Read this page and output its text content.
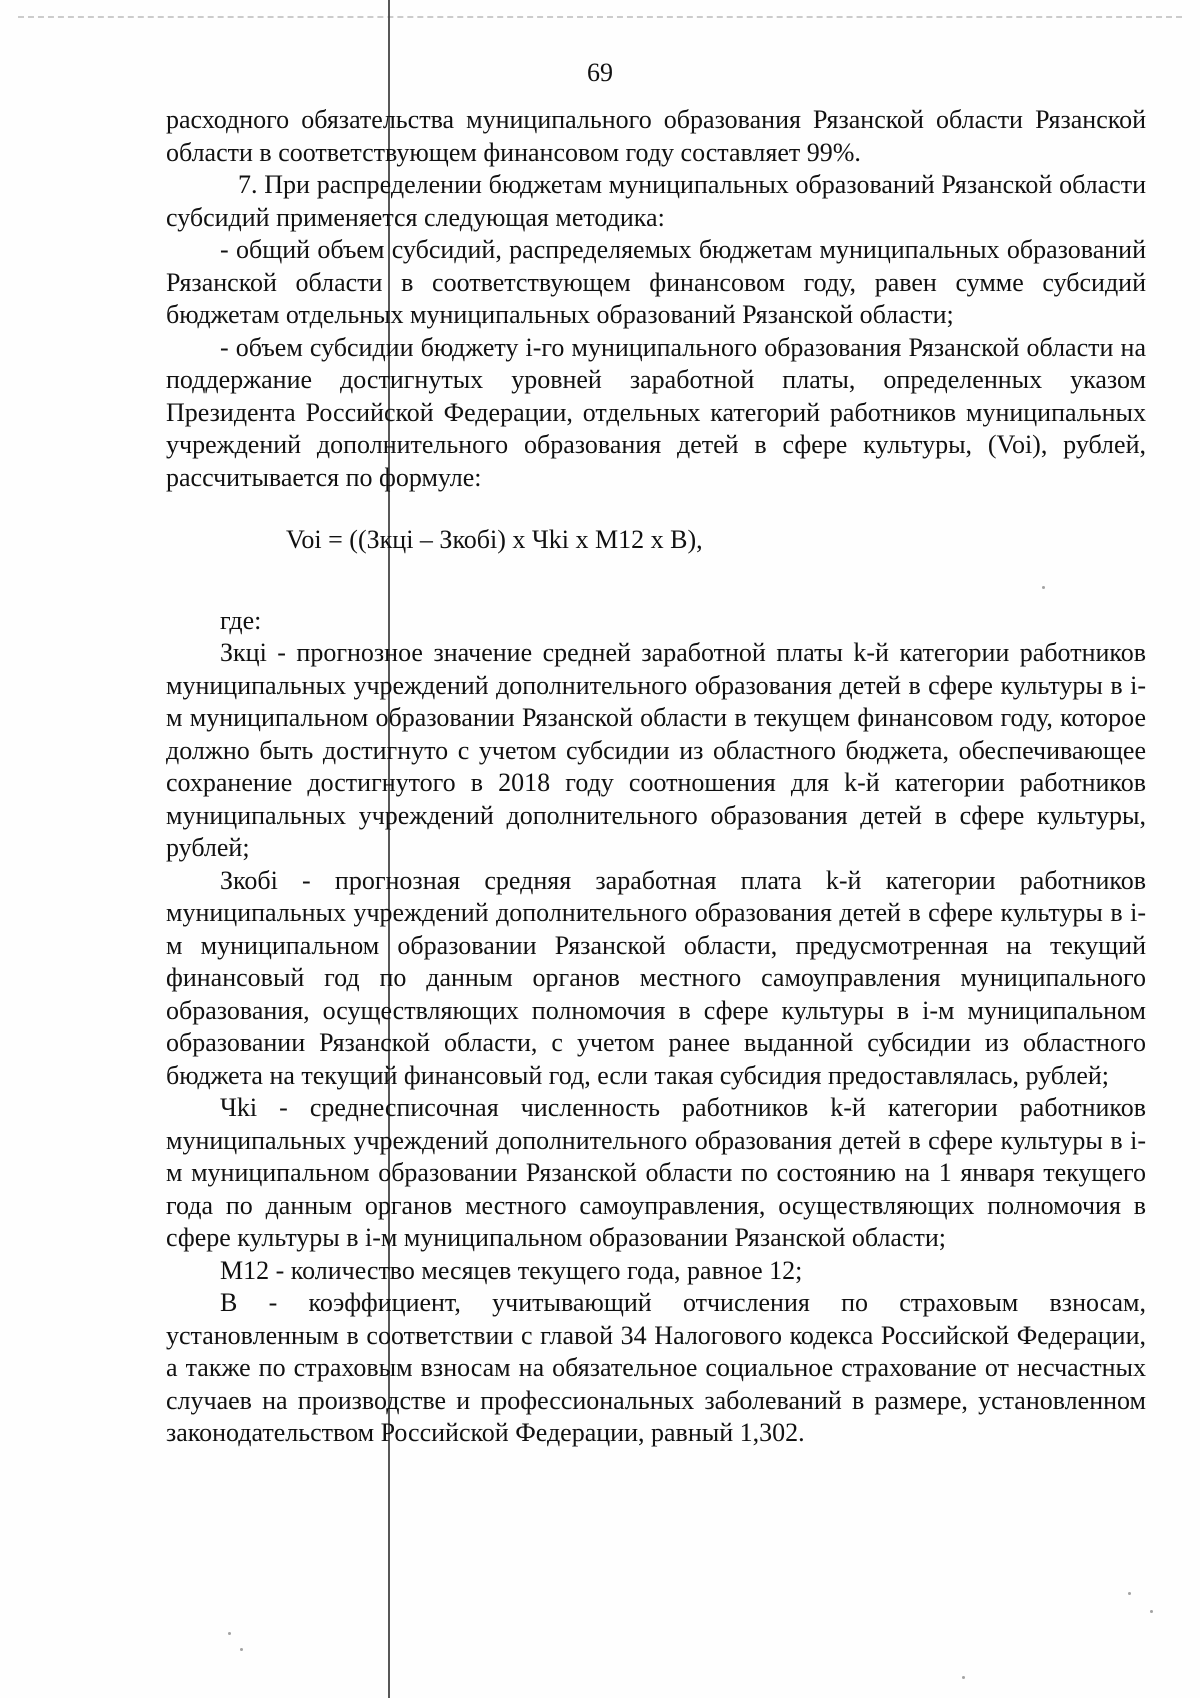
69

расходного обязательства муниципального образования Рязанской области Рязанской области в соответствующем финансовом году составляет 99%.

7. При распределении бюджетам муниципальных образований Рязанской области субсидий применяется следующая методика:

- общий объем субсидий, распределяемых бюджетам муниципальных образований Рязанской области в соответствующем финансовом году, равен сумме субсидий бюджетам отдельных муниципальных образований Рязанской области;

- объем субсидии бюджету i-го муниципального образования Рязанской области на поддержание достигнутых уровней заработной платы, определенных указом Президента Российской Федерации, отдельных категорий работников муниципальных учреждений дополнительного образования детей в сфере культуры, (Voi), рублей, рассчитывается по формуле:

Voi = ((Зкцi – Зкобi) x Чki x M12 x B),

где:

Зкцi - прогнозное значение средней заработной платы k-й категории работников муниципальных учреждений дополнительного образования детей в сфере культуры в i-м муниципальном образовании Рязанской области в текущем финансовом году, которое должно быть достигнуто с учетом субсидии из областного бюджета, обеспечивающее сохранение достигнутого в 2018 году соотношения для k-й категории работников муниципальных учреждений дополнительного образования детей в сфере культуры, рублей;

Зкобi - прогнозная средняя заработная плата k-й категории работников муниципальных учреждений дополнительного образования детей в сфере культуры в i-м муниципальном образовании Рязанской области, предусмотренная на текущий финансовый год по данным органов местного самоуправления муниципального образования, осуществляющих полномочия в сфере культуры в i-м муниципальном образовании Рязанской области, с учетом ранее выданной субсидии из областного бюджета на текущий финансовый год, если такая субсидия предоставлялась, рублей;

Чki - среднесписочная численность работников k-й категории работников муниципальных учреждений дополнительного образования детей в сфере культуры в i-м муниципальном образовании Рязанской области по состоянию на 1 января текущего года по данным органов местного самоуправления, осуществляющих полномочия в сфере культуры в i-м муниципальном образовании Рязанской области;

M12 - количество месяцев текущего года, равное 12;

B - коэффициент, учитывающий отчисления по страховым взносам, установленным в соответствии с главой 34 Налогового кодекса Российской Федерации, а также по страховым взносам на обязательное социальное страхование от несчастных случаев на производстве и профессиональных заболеваний в размере, установленном законодательством Российской Федерации, равный 1,302.
